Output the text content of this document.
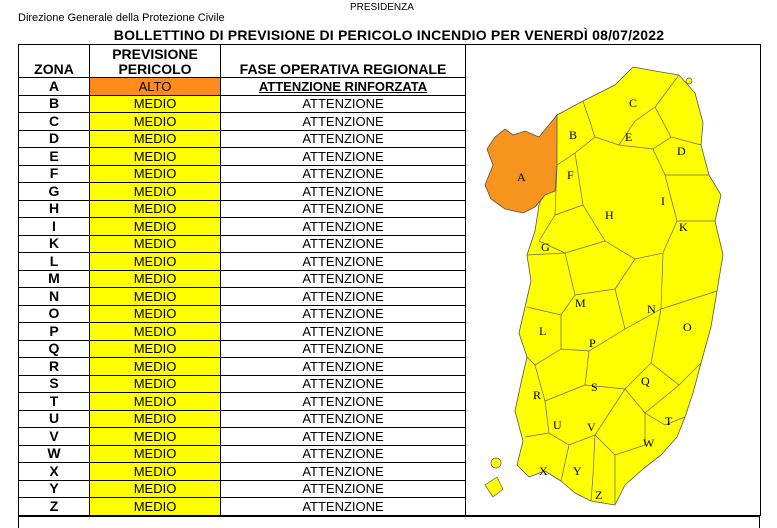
PRESIDENZA
Direzione Generale della Protezione Civile
BOLLETTINO DI PREVISIONE DI PERICOLO INCENDIO PER VENERDÌ 08/07/2022
ZONA	PREVISIONE PERICOLO	FASE OPERATIVA REGIONALE
A	ALTO	ATTENZIONE RINFORZATA
B	MEDIO	ATTENZIONE
C	MEDIO	ATTENZIONE
D	MEDIO	ATTENZIONE
E	MEDIO	ATTENZIONE
F	MEDIO	ATTENZIONE
G	MEDIO	ATTENZIONE
H	MEDIO	ATTENZIONE
I	MEDIO	ATTENZIONE
K	MEDIO	ATTENZIONE
L	MEDIO	ATTENZIONE
M	MEDIO	ATTENZIONE
N	MEDIO	ATTENZIONE
O	MEDIO	ATTENZIONE
P	MEDIO	ATTENZIONE
Q	MEDIO	ATTENZIONE
R	MEDIO	ATTENZIONE
S	MEDIO	ATTENZIONE
T	MEDIO	ATTENZIONE
U	MEDIO	ATTENZIONE
V	MEDIO	ATTENZIONE
W	MEDIO	ATTENZIONE
X	MEDIO	ATTENZIONE
Y	MEDIO	ATTENZIONE
Z	MEDIO	ATTENZIONE
A
B
C
D
E
F
G
H
I
K
L
M	N
O
P
Q
R
S
T
U V
W
X Y
Z
